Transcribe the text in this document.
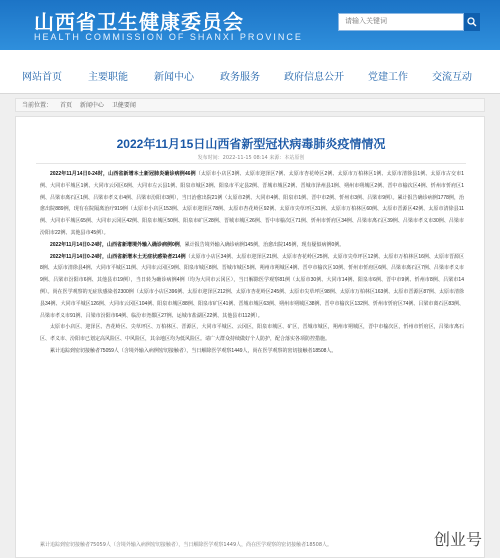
山西省卫生健康委员会
HEALTH COMMISSION OF SHANXI PROVINCE
请输入关键词
网站首页	主要职能	新闻中心	政务服务 政府信息公开 党建工作 交流互动
当前位置： 首页 新闻中心 卫健要闻
2022年11月15日山西省新型冠状病毒肺炎疫情情况
发布时间：2022-11-15 08:14 来源：本站原创

2022年11月14日0-24时，山西省新增本土新冠肺炎确诊病例46例（太原市小店区3例、太原市迎泽区7例、太原市杏花岭区2例、太原市万柏林区1例、太原市清徐县1例、太原市古交市1例、大同市平城区1例、大同市云冈区6例、大同市左云县1例、阳泉市城区3例、阳泉市平定县2例、晋城市城区2例、晋城市泽州县1例、朔州市朔城区2例、晋中市榆次区4例、忻州市忻府区1例、吕梁市离石区1例、吕梁市孝义市4例、吕梁市汾阳市3例），当日治愈出院21例（太原市2例、大同市4例、阳泉市1例、晋中市2例、忻州市3例、吕梁市9例）。累计报告确诊病例1778例，治愈出院889例，现有在院隔离治疗919例（太原市小店区153例、太原市迎泽区78例、太原市杏花岭区92例、太原市尖草坪区31例、太原市万柏林区60例、太原市晋源区42例、太原市清徐县11例、大同市平城区65例、大同市云冈区42例、阳泉市城区50例、阳泉市矿区28例、晋城市城区26例、晋中市榆次区71例、忻州市忻府区34例、吕梁市离石区39例、吕梁市孝义市30例、吕梁市汾阳市22例、其他县市45例）。

2022年11月14日0-24时，山西省新增境外输入确诊病例0例，累计报告境外输入确诊病例145例，治愈出院145例，现有疑似病例0例。

2022年11月14日0-24时，山西省新增本土无症状感染者214例（太原市小店区34例、太原市迎泽区21例、太原市杏花岭区25例、太原市尖草坪区12例、太原市万柏林区16例、太原市晋源区8例、太原市清徐县4例、大同市平城区11例、大同市云冈区9例、阳泉市城区8例、晋城市城区5例、朔州市朔城区4例、晋中市榆次区10例、忻州市忻府区6例、吕梁市离石区7例、吕梁市孝义市9例、吕梁市汾阳市6例、其他县市19例），当日转为确诊病例4例（均为大同市云冈区），当日解除医学观察81例（太原市30例、大同市14例、阳泉市6例、晋中市9例、忻州市8例、吕梁市14例）。尚在医学观察的无症状感染者2300例（太原市小店区396例、太原市迎泽区212例、太原市杏花岭区245例、太原市尖草坪区98例、太原市万柏林区163例、太原市晋源区87例、太原市清徐县34例、大同市平城区126例、大同市云冈区104例、阳泉市城区88例、阳泉市矿区41例、晋城市城区63例、朔州市朔城区38例、晋中市榆次区132例、忻州市忻府区74例、吕梁市离石区83例、吕梁市孝义市91例、吕梁市汾阳市64例、临汾市尧都区27例、运城市盐湖区22例、其他县市112例）。

太原市小店区、迎泽区、杏花岭区、尖草坪区、万柏林区、晋源区，大同市平城区、云冈区，阳泉市城区、矿区，晋城市城区，朔州市朔城区，晋中市榆次区，忻州市忻府区，吕梁市离石区、孝义市、汾阳市已划定高风险区、中风险区，其余地区均为低风险区。请广大群众持续做好个人防护，配合落实各项防控措施。

累计追踪到密切接触者75059人（含境外输入病例密切接触者），当日解除医学观察1449人，尚在医学观察的密切接触者18508人。

累计追踪到密切接触者75059人（含境外输入病例密切接触者），当日解除医学观察1449人，尚在医学观察的密切接触者18508人。	创业号
